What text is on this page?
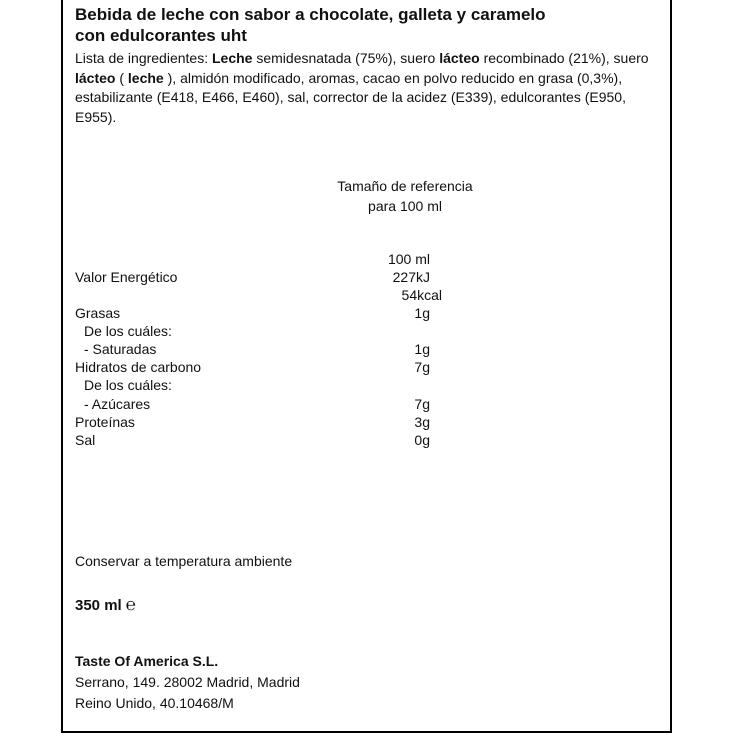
Bebida de leche con sabor a chocolate, galleta y caramelo
con edulcorantes uht
Lista de ingredientes: Leche semidesnatada (75%), suero lácteo recombinado (21%), suero lácteo ( leche ), almidón modificado, aromas, cacao en polvo reducido en grasa (0,3%), estabilizante (E418, E466, E460), sal, corrector de la acidez (E339), edulcorantes (E950, E955).
Tamaño de referencia
para 100 ml
100 ml
Valor Energético	227kJ
54kcal
Grasas	1g
De los cuáles:
- Saturadas	1g
Hidratos de carbono	7g
De los cuáles:
- Azúcares	7g
Proteínas	3g
Sal	0g
Conservar a temperatura ambiente
350 ml ℮
Taste Of America S.L.
Serrano, 149. 28002 Madrid, Madrid
Reino Unido, 40.10468/M
